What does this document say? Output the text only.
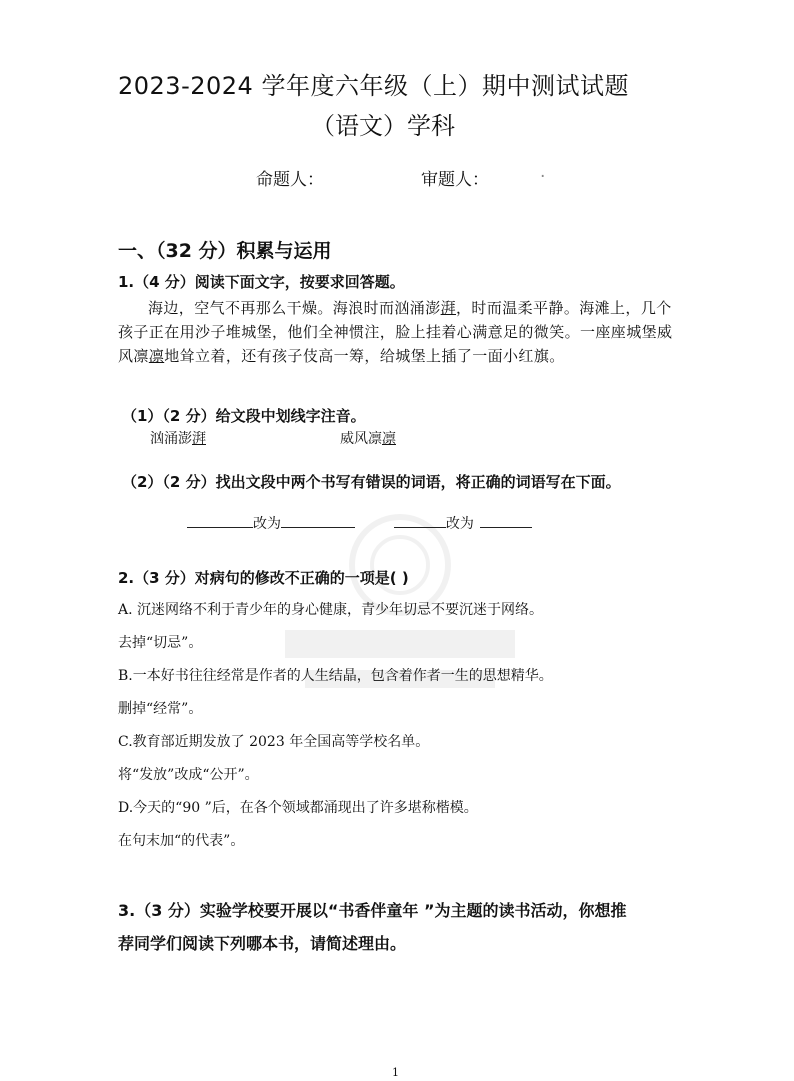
2023-2024 学年度六年级（上）期中测试试题
（语文）学科
命题人：	审题人：	·
一、（32 分）积累与运用
1.（4 分）阅读下面文字，按要求回答题。
海边，空气不再那么干燥。海浪时而汹涌澎湃，时而温柔平静。海滩上，几个孩子正在用沙子堆城堡，他们全神惯注，脸上挂着心满意足的微笑。一座座城堡威风凛凛地耸立着，还有孩子伎高一筹，给城堡上插了一面小红旗。
（1）（2 分）给文段中划线字注音。
汹涌澎湃	威风凛凛
（2）（2 分）找出文段中两个书写有错误的词语，将正确的词语写在下面。
改为	改为
2.（3 分）对病句的修改不正确的一项是( )
A. 沉迷网络不利于青少年的身心健康，青少年切忌不要沉迷于网络。
去掉“切忌”。
B.一本好书往往经常是作者的人生结晶，包含着作者一生的思想精华。
删掉“经常”。
C.教育部近期发放了 2023 年全国高等学校名单。
将“发放”改成“公开”。
D.今天的“90 ”后，在各个领域都涌现出了许多堪称楷模。
在句末加“的代表”。
3.（3 分）实验学校要开展以“书香伴童年 ”为主题的读书活动，你想推
荐同学们阅读下列哪本书，请简述理由。
1
